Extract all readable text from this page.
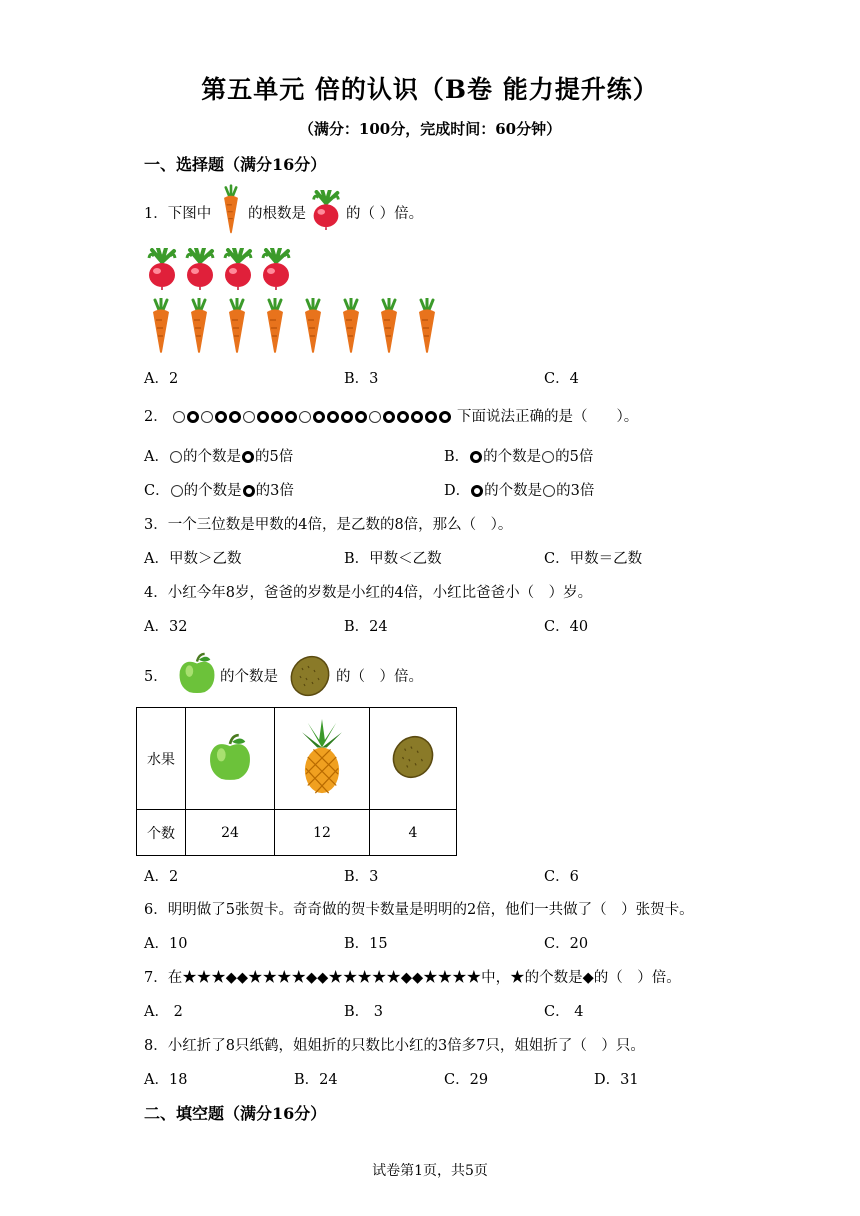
第五单元 倍的认识（B卷 能力提升练）
（满分：100分，完成时间：60分钟）
一、选择题（满分16分）
1．下图中	的根数是	的（ ）倍。
A．2	B．3	C．4
2．	下面说法正确的是（　　）。
A． 的个数是 的5倍	B． 的个数是 的5倍
C． 的个数是 的3倍	D． 的个数是 的3倍
3．一个三位数是甲数的4倍，是乙数的8倍，那么（　）。
A．甲数＞乙数	B．甲数＜乙数	C．甲数＝乙数
4．小红今年8岁，爸爸的岁数是小红的4倍，小红比爸爸小（　）岁。
A．32	B．24	C．40
5．	的个数是	的（　）倍。
水果			
个数	24	12	4
A．2	B．3	C．6
6．明明做了5张贺卡。奇奇做的贺卡数量是明明的2倍，他们一共做了（　）张贺卡。
A．10	B．15	C．20
7．在★★★◆◆★★★★◆◆★★★★★◆◆★★★★中，★的个数是◆的（　）倍。
A． 2	B． 3	C． 4
8．小红折了8只纸鹤，姐姐折的只数比小红的3倍多7只，姐姐折了（　）只。
A．18	B．24	C．29	D．31
二、填空题（满分16分）
试卷第1页，共5页
